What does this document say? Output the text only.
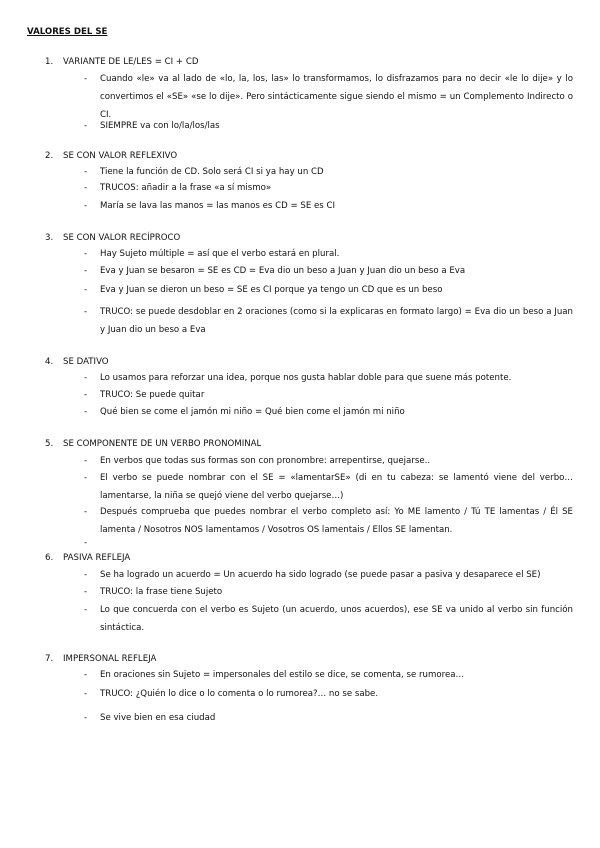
VALORES DEL SE
1.	VARIANTE DE LE/LES = CI + CD
-	Cuando «le» va al lado de «lo, la, los, las» lo transformamos, lo disfrazamos para no decir «le lo dije» y lo convertimos el «SE» «se lo dije». Pero sintácticamente sigue siendo el mismo = un Complemento Indirecto o CI.
-	SIEMPRE va con lo/la/los/las
2.	SE CON VALOR REFLEXIVO
-	Tiene la función de CD. Solo será CI si ya hay un CD
-	TRUCOS: añadir a la frase «a sí mismo»
-	María se lava las manos = las manos es CD = SE es CI
3.	SE CON VALOR RECÍPROCO
-	Hay Sujeto múltiple = así que el verbo estará en plural.
-	Eva y Juan se besaron = SE es CD = Eva dio un beso a Juan y Juan dio un beso a Eva
-	Eva y Juan se dieron un beso = SE es CI porque ya tengo un CD que es un beso
-	TRUCO: se puede desdoblar en 2 oraciones (como si la explicaras en formato largo) = Eva dio un beso a Juan y Juan dio un beso a Eva
4.	SE DATIVO
-	Lo usamos para reforzar una idea, porque nos gusta hablar doble para que suene más potente.
-	TRUCO: Se puede quitar
-	Qué bien se come el jamón mi niño = Qué bien come el jamón mi niño
5.	SE COMPONENTE DE UN VERBO PRONOMINAL
-	En verbos que todas sus formas son con pronombre: arrepentirse, quejarse..
-	El verbo se puede nombrar con el SE = «lamentarSE» (di en tu cabeza: se lamentó viene del verbo… lamentarse, la niña se quejó viene del verbo quejarse…)
-	Después comprueba que puedes nombrar el verbo completo así: Yo ME lamento / Tú TE lamentas / Él SE lamenta / Nosotros NOS lamentamos / Vosotros OS lamentais / Ellos SE lamentan.
-
6.	PASIVA REFLEJA
-	Se ha logrado un acuerdo = Un acuerdo ha sido logrado (se puede pasar a pasiva y desaparece el SE)
-	TRUCO: la frase tiene Sujeto
-	Lo que concuerda con el verbo es Sujeto (un acuerdo, unos acuerdos), ese SE va unido al verbo sin función sintáctica.
7.	IMPERSONAL REFLEJA
-	En oraciones sin Sujeto = impersonales del estilo se dice, se comenta, se rumorea…
-	TRUCO: ¿Quién lo dice o lo comenta o lo rumorea?… no se sabe.
-	Se vive bien en esa ciudad
